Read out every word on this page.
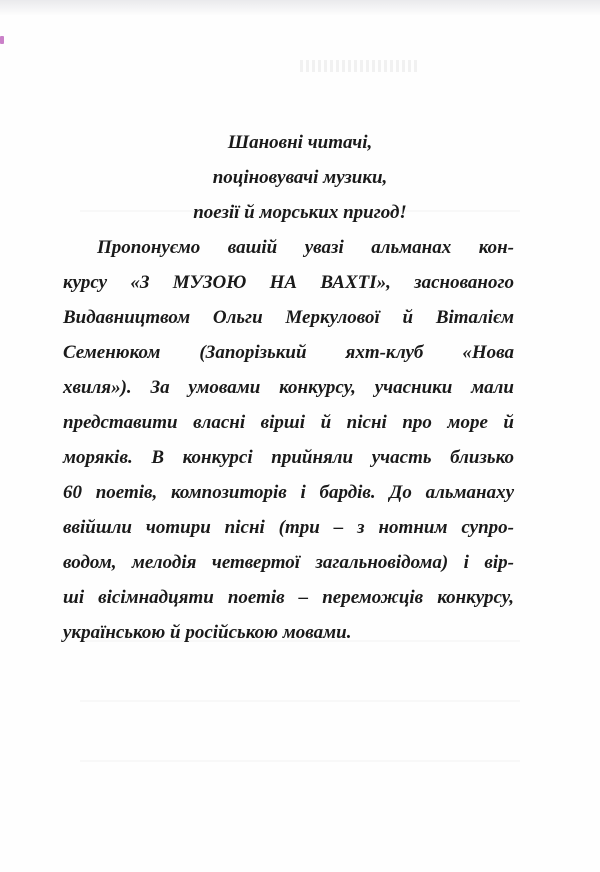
Шановні читачі,
поціновувачі музики,
поезії й морських пригод!
Пропонуємо вашій увазі альманах кон-
курсу «З МУЗОЮ НА ВАХТІ», заснованого
Видавництвом Ольги Меркулової й Віталієм
Семенюком (Запорізький яхт-клуб «Нова
хвиля»). За умовами конкурсу, учасники мали
представити власні вірші й пісні про море й
моряків. В конкурсі прийняли участь близько
60 поетів, композиторів і бардів. До альманаху
ввійшли чотири пісні (три – з нотним супро-
водом, мелодія четвертої загальновідома) і вір-
ші вісімнадцяти поетів – переможців конкурсу,
українською й російською мовами.
